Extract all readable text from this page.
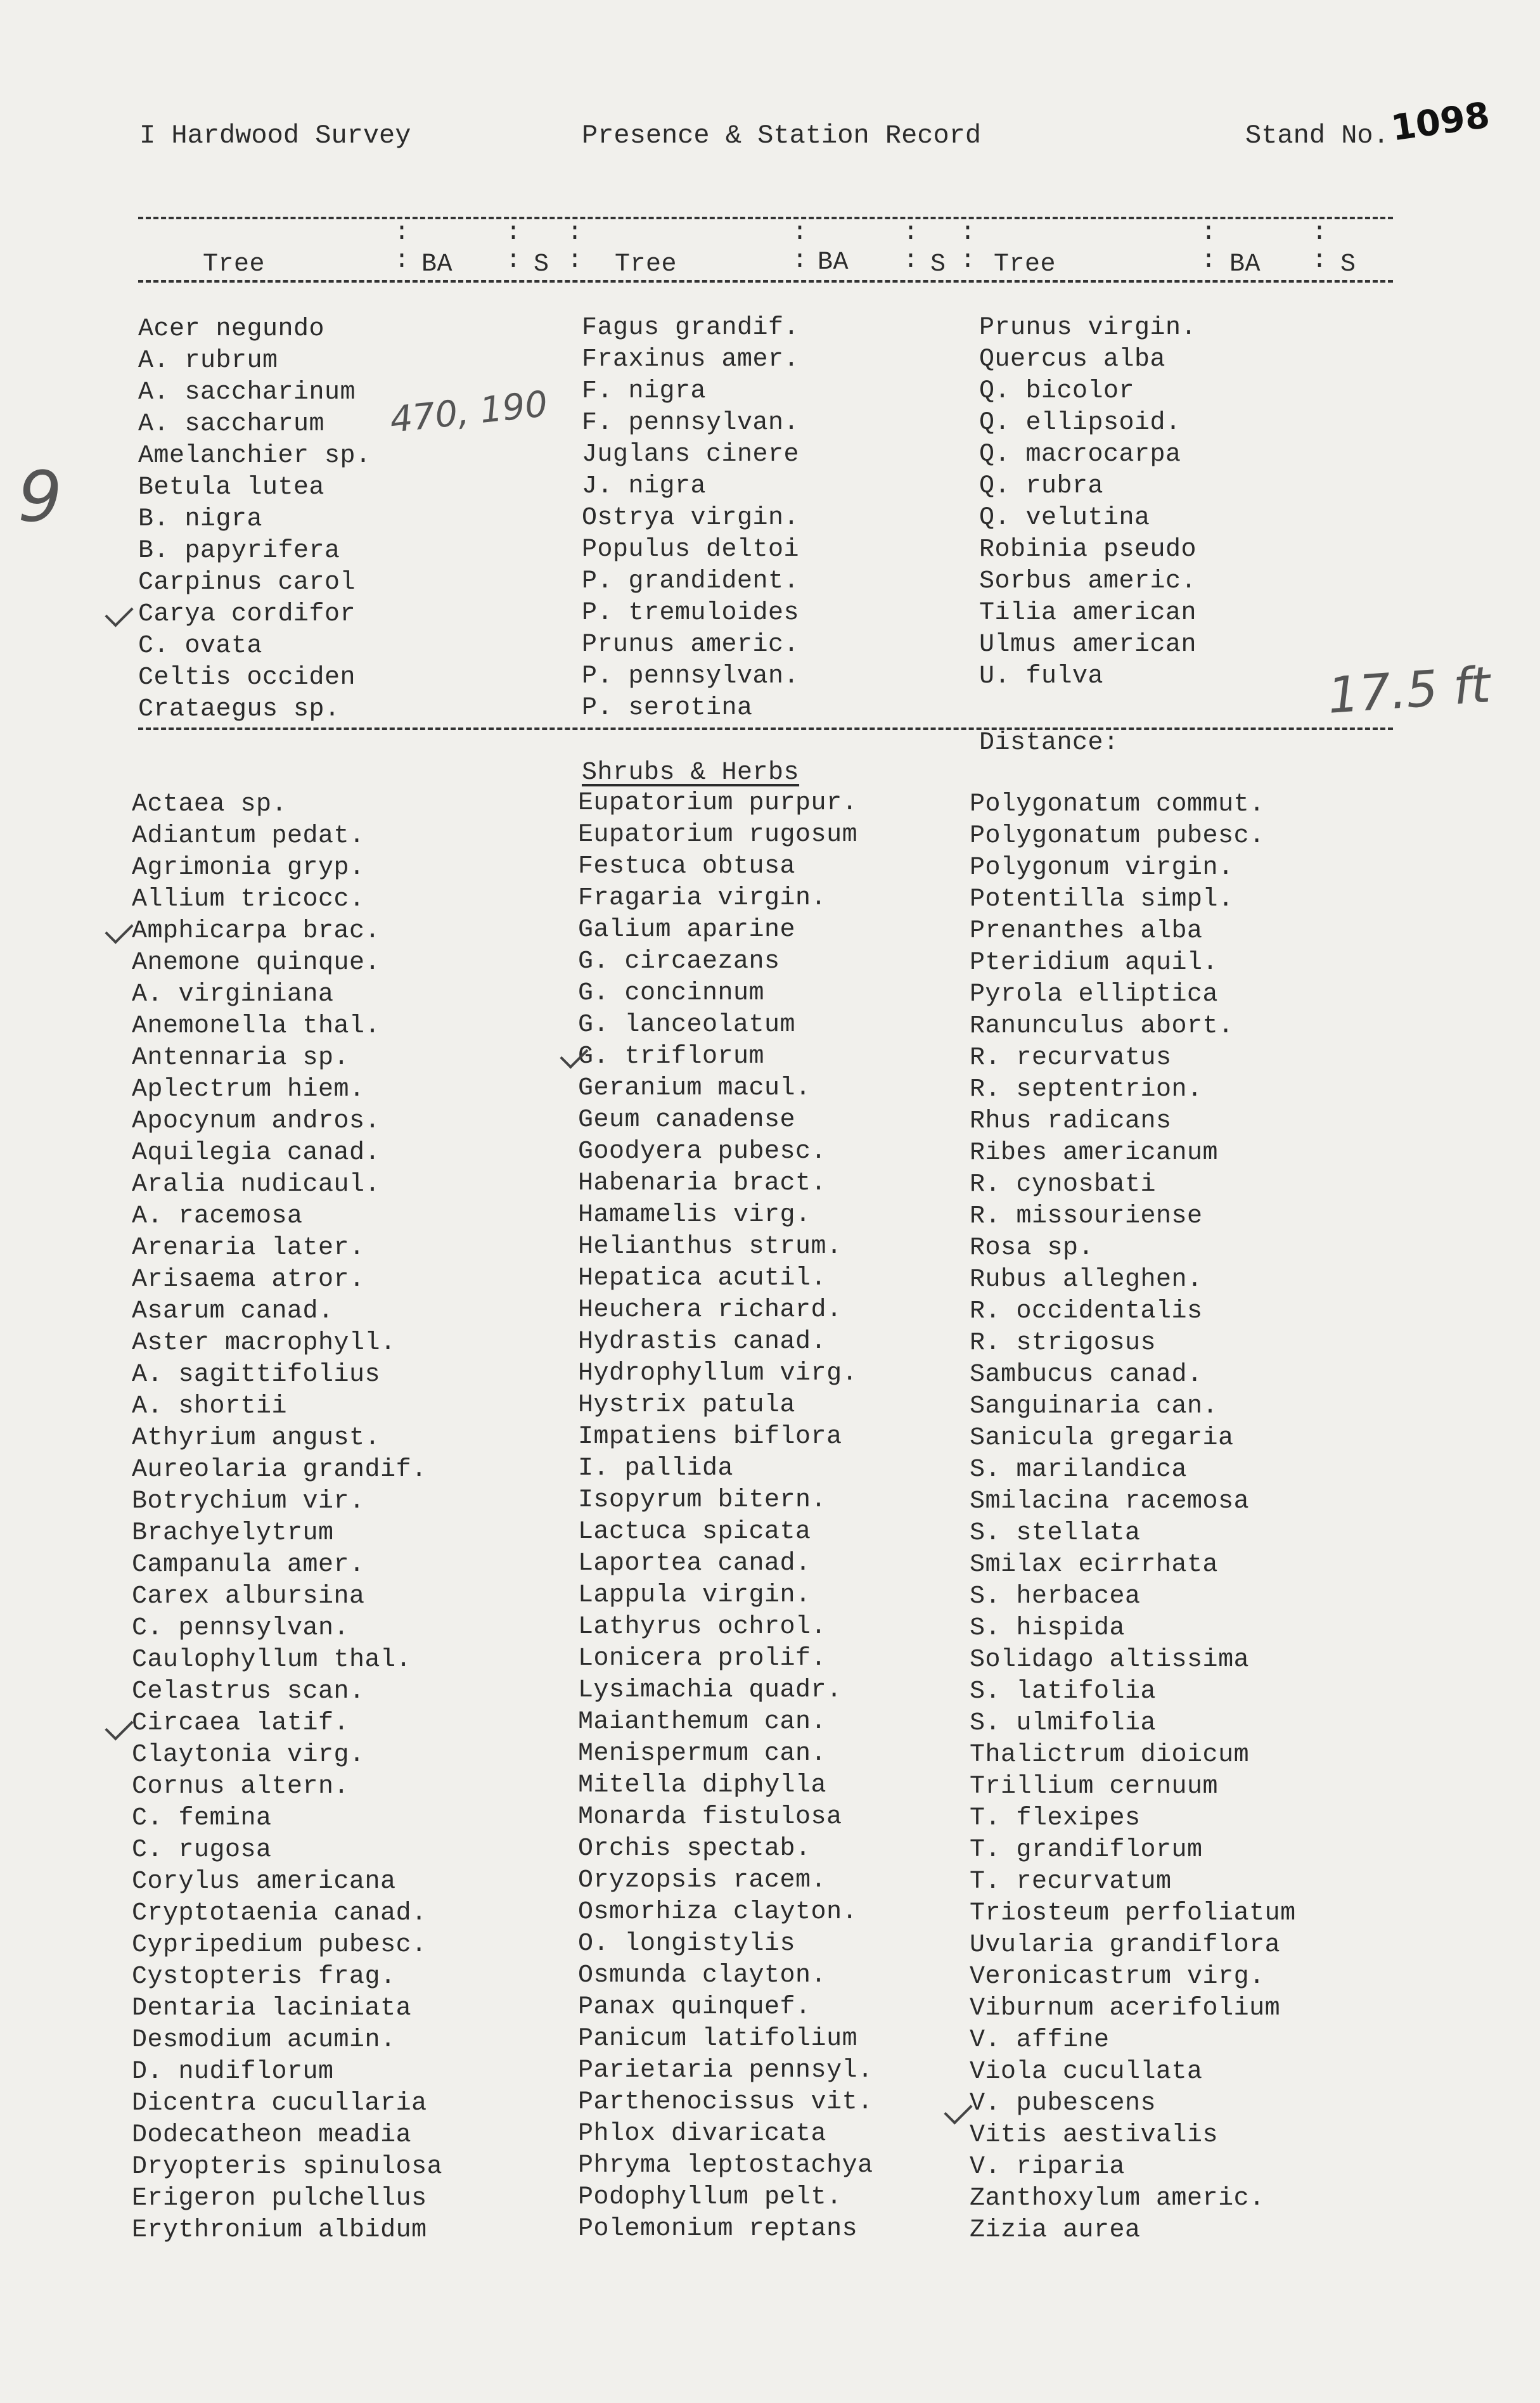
I Hardwood Survey	Presence & Station Record	Stand No. 1098
Tree
:
: BA
:
: S
:
: Tree
:
: BA
:
: S
:
: Tree
:
: BA
:
: S
Acer negundo
A. rubrum
A. saccharinum
A. saccharum
Amelanchier sp.
Betula lutea
B. nigra
B. papyrifera
Carpinus carol
Carya cordifor
C. ovata
Celtis occiden
Crataegus sp.
Fagus grandif.
Fraxinus amer.
F. nigra
F. pennsylvan.
Juglans cinere
J. nigra
Ostrya virgin.
Populus deltoi
P. grandident.
P. tremuloides
Prunus americ.
P. pennsylvan.
P. serotina
Prunus virgin.
Quercus alba
Q. bicolor
Q. ellipsoid.
Q. macrocarpa
Q. rubra
Q. velutina
Robinia pseudo
Sorbus americ.
Tilia american
Ulmus american
U. fulva
Distance:
Shrubs & Herbs
Actaea sp.
Adiantum pedat.
Agrimonia gryp.
Allium tricocc.
Amphicarpa brac.
Anemone quinque.
A. virginiana
Anemonella thal.
Antennaria sp.
Aplectrum hiem.
Apocynum andros.
Aquilegia canad.
Aralia nudicaul.
A. racemosa
Arenaria later.
Arisaema atror.
Asarum canad.
Aster macrophyll.
A. sagittifolius
A. shortii
Athyrium angust.
Aureolaria grandif.
Botrychium vir.
Brachyelytrum
Campanula amer.
Carex albursina
C. pennsylvan.
Caulophyllum thal.
Celastrus scan.
Circaea latif.
Claytonia virg.
Cornus altern.
C. femina
C. rugosa
Corylus americana
Cryptotaenia canad.
Cypripedium pubesc.
Cystopteris frag.
Dentaria laciniata
Desmodium acumin.
D. nudiflorum
Dicentra cucullaria
Dodecatheon meadia
Dryopteris spinulosa
Erigeron pulchellus
Erythronium albidum
Eupatorium purpur.
Eupatorium rugosum
Festuca obtusa
Fragaria virgin.
Galium aparine
G. circaezans
G. concinnum
G. lanceolatum
G. triflorum
Geranium macul.
Geum canadense
Goodyera pubesc.
Habenaria bract.
Hamamelis virg.
Helianthus strum.
Hepatica acutil.
Heuchera richard.
Hydrastis canad.
Hydrophyllum virg.
Hystrix patula
Impatiens biflora
I. pallida
Isopyrum bitern.
Lactuca spicata
Laportea canad.
Lappula virgin.
Lathyrus ochrol.
Lonicera prolif.
Lysimachia quadr.
Maianthemum can.
Menispermum can.
Mitella diphylla
Monarda fistulosa
Orchis spectab.
Oryzopsis racem.
Osmorhiza clayton.
O. longistylis
Osmunda clayton.
Panax quinquef.
Panicum latifolium
Parietaria pennsyl.
Parthenocissus vit.
Phlox divaricata
Phryma leptostachya
Podophyllum pelt.
Polemonium reptans
Polygonatum commut.
Polygonatum pubesc.
Polygonum virgin.
Potentilla simpl.
Prenanthes alba
Pteridium aquil.
Pyrola elliptica
Ranunculus abort.
R. recurvatus
R. septentrion.
Rhus radicans
Ribes americanum
R. cynosbati
R. missouriense
Rosa sp.
Rubus alleghen.
R. occidentalis
R. strigosus
Sambucus canad.
Sanguinaria can.
Sanicula gregaria
S. marilandica
Smilacina racemosa
S. stellata
Smilax ecirrhata
S. herbacea
S. hispida
Solidago altissima
S. latifolia
S. ulmifolia
Thalictrum dioicum
Trillium cernuum
T. flexipes
T. grandiflorum
T. recurvatum
Triosteum perfoliatum
Uvularia grandiflora
Veronicastrum virg.
Viburnum acerifolium
V. affine
Viola cucullata
V. pubescens
Vitis aestivalis
V. riparia
Zanthoxylum americ.
Zizia aurea
470, 190
9
17.5 ft
